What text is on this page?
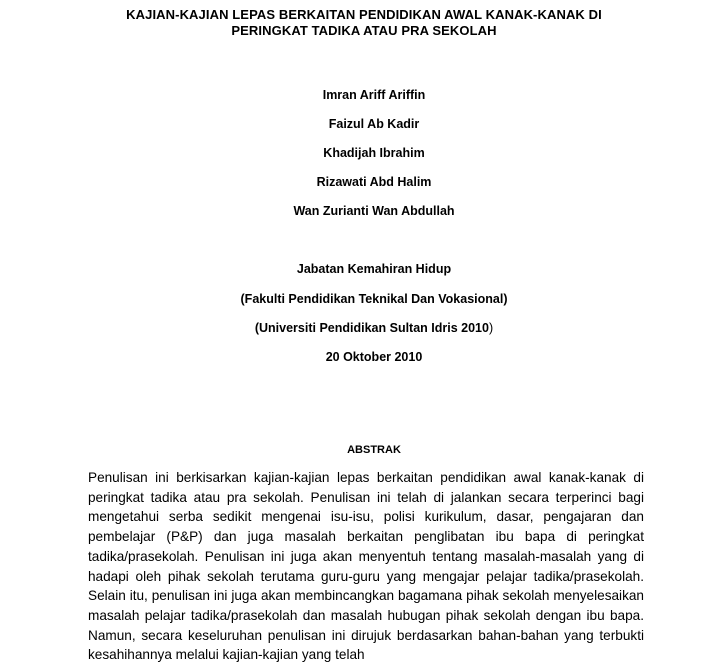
KAJIAN-KAJIAN LEPAS BERKAITAN PENDIDIKAN AWAL KANAK-KANAK DI
PERINGKAT TADIKA ATAU PRA SEKOLAH
Imran Ariff Ariffin
Faizul Ab Kadir
Khadijah Ibrahim
Rizawati Abd Halim
Wan Zurianti Wan Abdullah
Jabatan Kemahiran Hidup
(Fakulti Pendidikan Teknikal Dan Vokasional)
(Universiti Pendidikan Sultan Idris 2010)
20 Oktober 2010
ABSTRAK

Penulisan ini berkisarkan kajian-kajian lepas berkaitan pendidikan awal kanak-kanak di peringkat tadika atau pra sekolah. Penulisan ini telah di jalankan secara terperinci bagi mengetahui serba sedikit mengenai isu-isu, polisi kurikulum, dasar, pengajaran dan pembelajar (P&P) dan juga masalah berkaitan penglibatan ibu bapa di peringkat tadika/prasekolah. Penulisan ini juga akan menyentuh tentang masalah-masalah yang di hadapi oleh pihak sekolah terutama guru-guru yang mengajar pelajar tadika/prasekolah. Selain itu, penulisan ini juga akan membincangkan bagamana pihak sekolah menyelesaikan masalah pelajar tadika/prasekolah dan masalah hubugan pihak sekolah dengan ibu bapa. Namun, secara keseluruhan penulisan ini dirujuk berdasarkan bahan-bahan yang terbukti kesahihannya melalui kajian-kajian yang telah
